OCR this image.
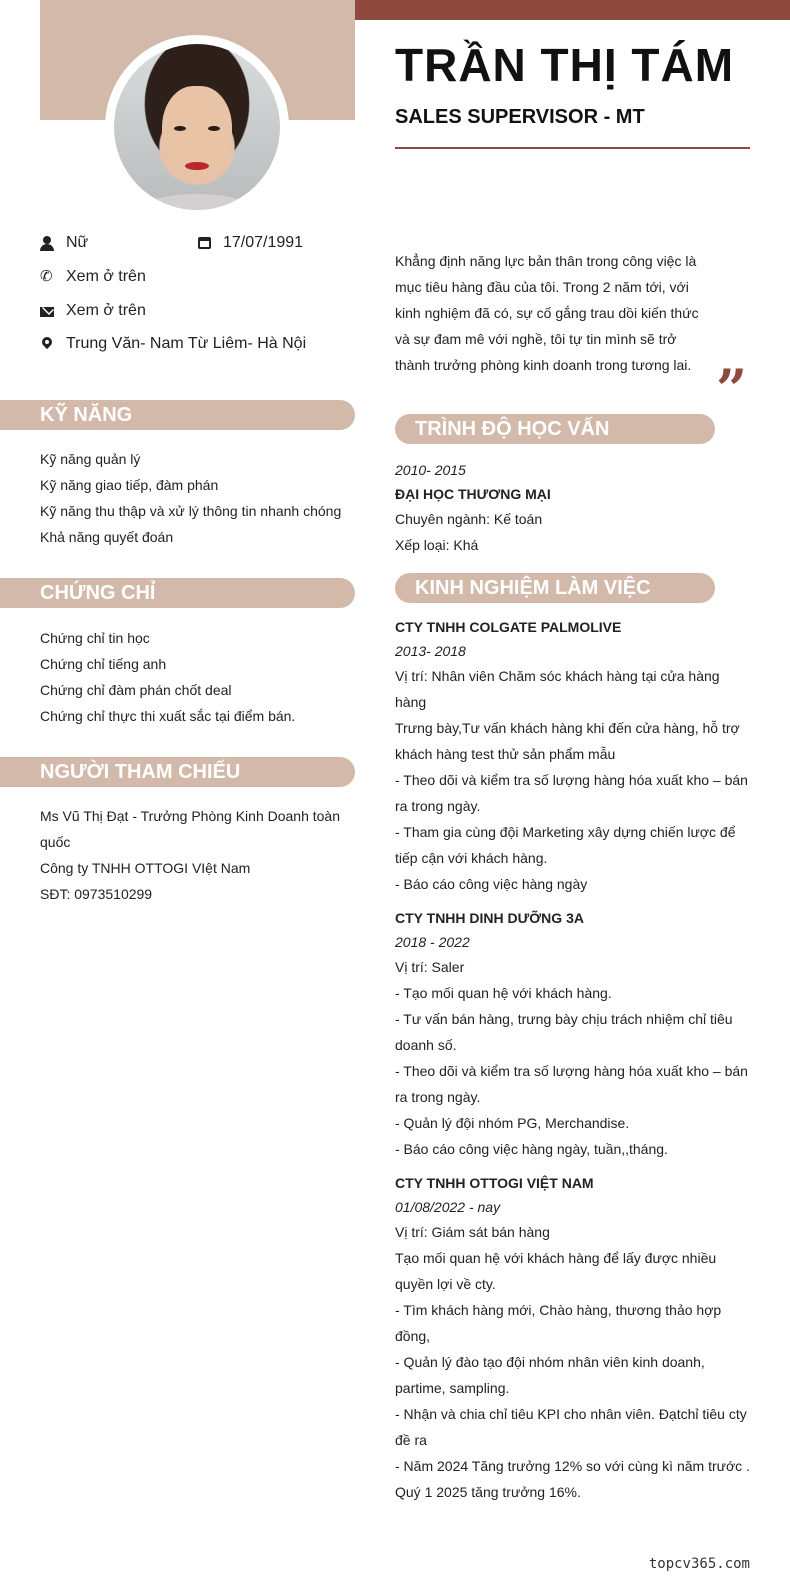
TRẦN THỊ TÁM
SALES SUPERVISOR - MT
Nữ	17/07/1991
✆ Xem ở trên
Xem ở trên
Trung Văn- Nam Từ Liêm- Hà Nội
KỸ NĂNG
Kỹ năng quản lý
Kỹ năng giao tiếp, đàm phán
Kỹ năng thu thập và xử lý thông tin nhanh chóng
Khả năng quyết đoán
CHỨNG CHỈ
Chứng chỉ tin học
Chứng chỉ tiếng anh
Chứng chỉ đàm phán chốt deal
Chứng chỉ thực thi xuất sắc tại điểm bán.
NGƯỜI THAM CHIẾU
Ms Vũ Thị Đạt - Trưởng Phòng Kinh Doanh toàn quốc
Công ty TNHH OTTOGI VIệt Nam
SĐT: 0973510299
Khẳng định năng lực bản thân trong công việc là mục tiêu hàng đầu của tôi. Trong 2 năm tới, với kinh nghiệm đã có, sự cố gắng trau dồi kiến thức và sự đam mê với nghề, tôi tự tin mình sẽ trở thành trưởng phòng kinh doanh trong tương lai. ”
TRÌNH ĐỘ HỌC VẤN
2010- 2015
ĐẠI HỌC THƯƠNG MẠI
Chuyên ngành: Kế toán
Xếp loại: Khá
KINH NGHIỆM LÀM VIỆC
CTY TNHH COLGATE PALMOLIVE
2013- 2018
Vị trí: Nhân viên Chăm sóc khách hàng tại cửa hàng hàng
Trưng bày,Tư vấn khách hàng khi đến cửa hàng, hỗ trợ khách hàng test thử sản phẩm mẫu
- Theo dõi và kiểm tra số lượng hàng hóa xuất kho – bán ra trong ngày.
- Tham gia cùng đội Marketing xây dựng chiến lược để tiếp cận với khách hàng.
- Báo cáo công việc hàng ngày
CTY TNHH DINH DƯỠNG 3A
2018 - 2022
Vị trí: Saler
- Tạo mối quan hệ với khách hàng.
- Tư vấn bán hàng, trưng bày chịu trách nhiệm chỉ tiêu doanh số.
- Theo dõi và kiểm tra số lượng hàng hóa xuất kho – bán ra trong ngày.
- Quản lý đội nhóm PG, Merchandise.
- Báo cáo công việc hàng ngày, tuần,,tháng.
CTY TNHH OTTOGI VIỆT NAM
01/08/2022 - nay
Vị trí: Giám sát bán hàng
Tạo mối quan hệ với khách hàng để lấy được nhiều quyền lợi về cty.
- Tìm khách hàng mới, Chào hàng, thương thảo hợp đồng,
- Quản lý đào tạo đội nhóm nhân viên kinh doanh, partime, sampling.
- Nhận và chia chỉ tiêu KPI cho nhân viên. Đạtchỉ tiêu cty đề ra
- Năm 2024 Tăng trưởng 12% so với cùng kì năm trước . Quý 1 2025 tăng trưởng 16%.
topcv365.com
